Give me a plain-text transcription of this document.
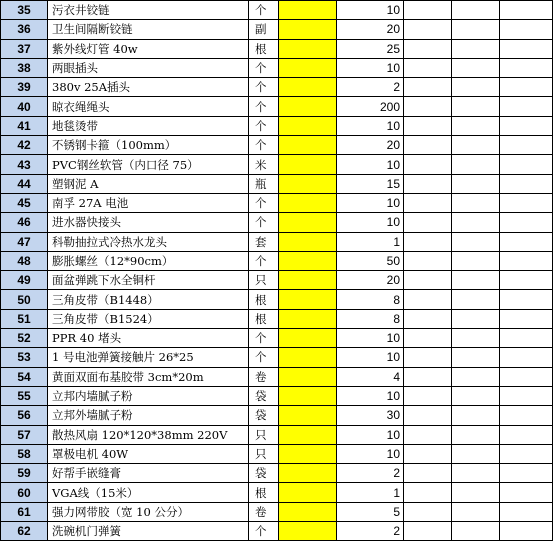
35	污衣井铰链	个		10			
36	卫生间隔断铰链	副		20			
37	紫外线灯管 40w	根		25			
38	两眼插头	个		10			
39	380v 25A插头	个		2			
40	晾衣绳绳头	个		200			
41	地毯烫带	个		10			
42	不锈钢卡箍（100mm）	个		20			
43	PVC钢丝软管（内口径 75）	米		10			
44	塑钢泥 A	瓶		15			
45	南孚 27A 电池	个		10			
46	进水器快接头	个		10			
47	科勒抽拉式冷热水龙头	套		1			
48	膨胀螺丝（12*90cm）	个		50			
49	面盆弹跳下水全铜杆	只		20			
50	三角皮带（B1448）	根		8			
51	三角皮带（B1524）	根		8			
52	PPR 40 堵头	个		10			
53	1 号电池弹簧接触片 26*25	个		10			
54	黄面双面布基胶带 3cm*20m	卷		4			
55	立邦内墙腻子粉	袋		10			
56	立邦外墙腻子粉	袋		30			
57	散热风扇 120*120*38mm 220V	只		10			
58	罩极电机 40W	只		10			
59	好帮手嵌缝膏	袋		2			
60	VGA线（15米）	根		1			
61	强力网带胶（宽 10 公分）	卷		5			
62	洗碗机门弹簧	个		2			
